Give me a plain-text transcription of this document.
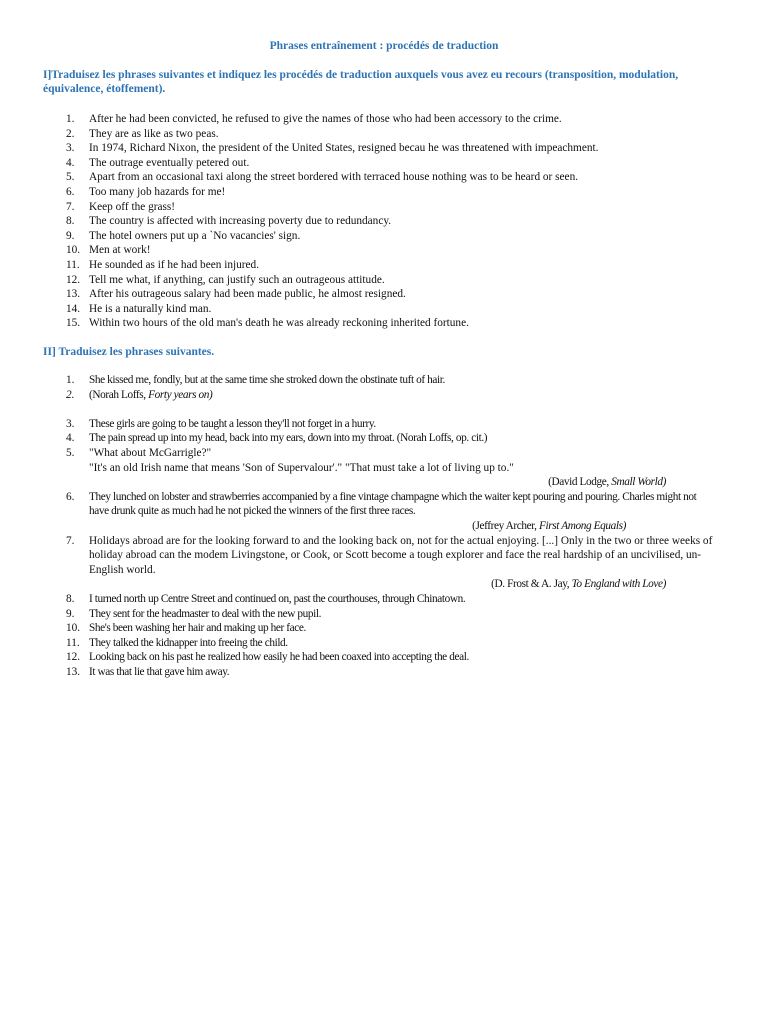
Phrases entraînement : procédés de traduction
I]Traduisez les phrases suivantes et indiquez les procédés de traduction auxquels vous avez eu recours (transposition, modulation, équivalence, étoffement).
1.	After he had been convicted, he refused to give the names of those who had been accessory to the crime.
2.	They are as like as two peas.
3.	In 1974, Richard Nixon, the president of the United States, resigned becau he was threatened with impeachment.
4.	The outrage eventually petered out.
5.	Apart from an occasional taxi along the street bordered with terraced house nothing was to be heard or seen.
6.	Too many job hazards for me!
7.	Keep off the grass!
8.	The country is affected with increasing poverty due to redundancy.
9.	The hotel owners put up a `No vacancies' sign.
10. Men at work!
11. He sounded as if he had been injured.
12. Tell me what, if anything, can justify such an outrageous attitude.
13. After his outrageous salary had been made public, he almost resigned.
14. He is a naturally kind man.
15. Within two hours of the old man's death he was already reckoning inherited fortune.
II] Traduisez les phrases suivantes.
1.	She kissed me, fondly, but at the same time she stroked down the obstinate tuft of hair.
2.	(Norah Loffs, Forty years on)

3.	These girls are going to be taught a lesson they'll not forget in a hurry.
4.	The pain spread up into my head, back into my ears, down into my throat. (Norah Loffs, op. cit.)
5.	"What about McGarrigle?"
"It's an old Irish name that means 'Son of Supervalour'." "That must take a lot of living up to."
(David Lodge, Small World)
6.	They lunched on lobster and strawberries accompanied by a fine vintage champagne which the waiter kept pouring and pouring. Charles might not have drunk quite as much had he not picked the winners of the first three races.
(Jeffrey Archer, First Among Equals)
7.	Holidays abroad are for the looking forward to and the looking back on, not for the actual enjoying. [...] Only in the two or three weeks of holiday abroad can the modem Livingstone, or Cook, or Scott become a tough explorer and face the real hardship of an uncivilised, un-English world.
(D. Frost & A. Jay, To England with Love)
8.	I turned north up Centre Street and continued on, past the courthouses, through Chinatown.
9.	They sent for the headmaster to deal with the new pupil.
10. She's been washing her hair and making up her face.
11. They talked the kidnapper into freeing the child.
12. Looking back on his past he realized how easily he had been coaxed into accepting the deal.
13. It was that lie that gave him away.
